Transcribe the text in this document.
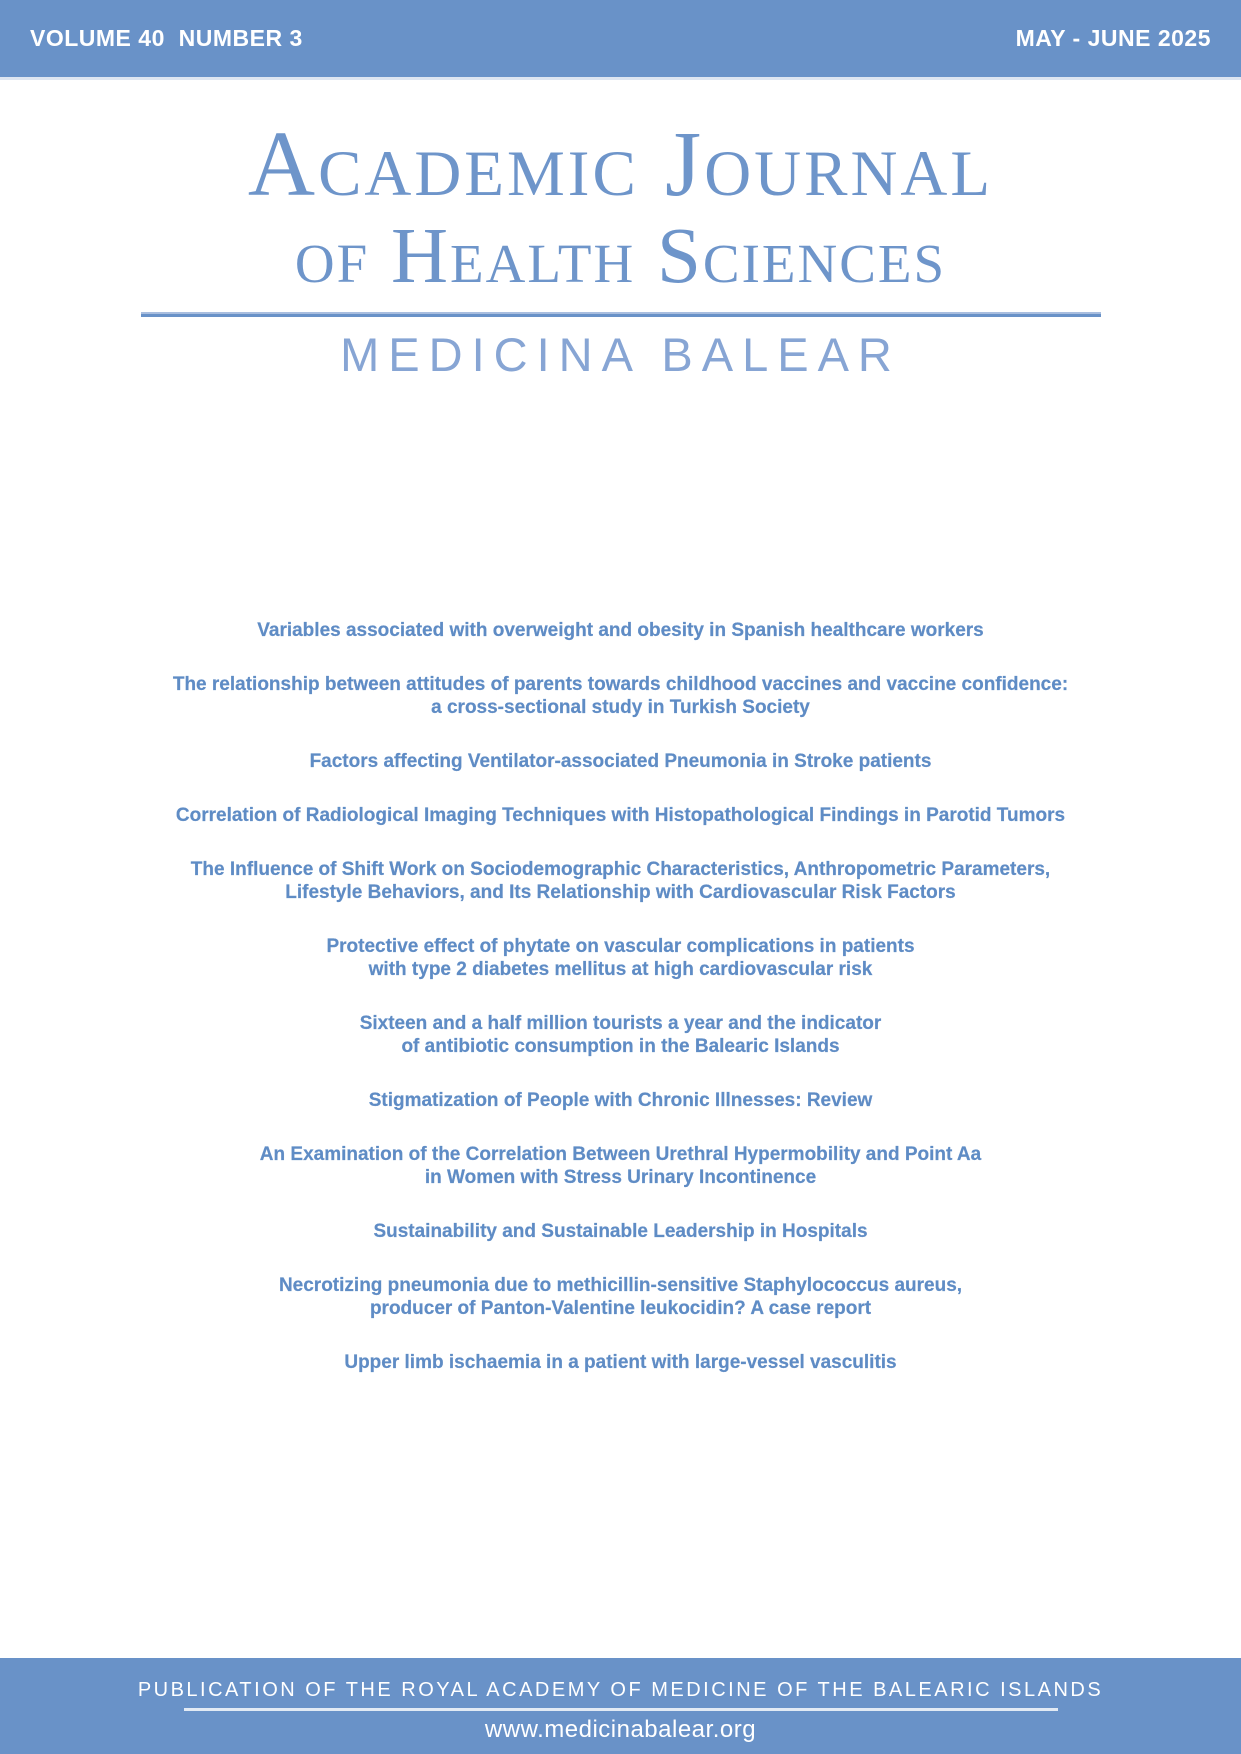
VOLUME 40  NUMBER 3	MAY - JUNE 2025
Academic Journal
of Health Sciences
MEDICINA BALEAR
Variables associated with overweight and obesity in Spanish healthcare workers
The relationship between attitudes of parents towards childhood vaccines and vaccine confidence:
a cross-sectional study in Turkish Society
Factors affecting Ventilator-associated Pneumonia in Stroke patients
Correlation of Radiological Imaging Techniques with Histopathological Findings in Parotid Tumors
The Influence of Shift Work on Sociodemographic Characteristics, Anthropometric Parameters,
Lifestyle Behaviors, and Its Relationship with Cardiovascular Risk Factors
Protective effect of phytate on vascular complications in patients
with type 2 diabetes mellitus at high cardiovascular risk
Sixteen and a half million tourists a year and the indicator
of antibiotic consumption in the Balearic Islands
Stigmatization of People with Chronic Illnesses: Review
An Examination of the Correlation Between Urethral Hypermobility and Point Aa
in Women with Stress Urinary Incontinence
Sustainability and Sustainable Leadership in Hospitals
Necrotizing pneumonia due to methicillin-sensitive Staphylococcus aureus,
producer of Panton-Valentine leukocidin? A case report
Upper limb ischaemia in a patient with large-vessel vasculitis
PUBLICATION OF THE ROYAL ACADEMY OF MEDICINE OF THE BALEARIC ISLANDS
www.medicinabalear.org
